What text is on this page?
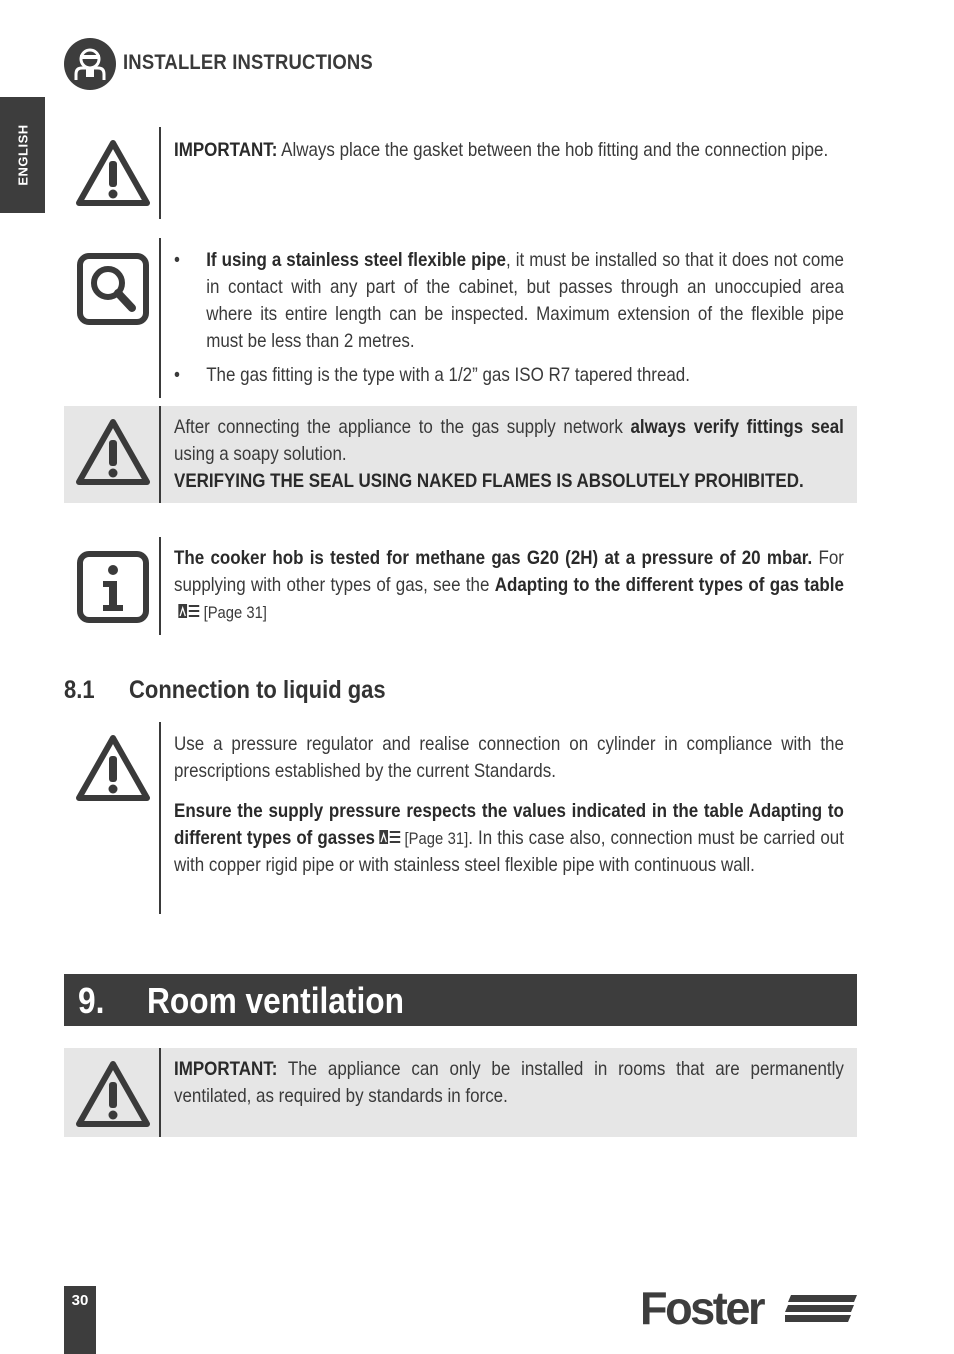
INSTALLER INSTRUCTIONS
ENGLISH	IMPORTANT: Always place the gasket between the hob fitting and the connection pipe.
• If using a stainless steel flexible pipe, it must be installed so that it does not come in contact with any part of the cabinet, but passes through an unoccupied area where its entire length can be inspected. Maximum extension of the flexible pipe must be less than 2 metres.
• The gas fitting is the type with a 1/2” gas ISO R7 tapered thread.
After connecting the appliance to the gas supply network always verify fittings seal using a soapy solution.
VERIFYING THE SEAL USING NAKED FLAMES IS ABSOLUTELY PROHIBITED.
The cooker hob is tested for methane gas G20 (2H) at a pressure of 20 mbar. For supplying with other types of gas, see the Adapting to the different types of gas table[Page 31]
8.1 Connection to liquid gas
Use a pressure regulator and realise connection on cylinder in compliance with the prescriptions established by the current Standards.
Ensure the supply pressure respects the values indicated in the table Adapting to different types of gasses [Page 31]. In this case also, connection must be carried out with copper rigid pipe or with stainless steel flexible pipe with continuous wall.
9. Room ventilation
IMPORTANT: The appliance can only be installed in rooms that are permanently ventilated, as required by standards in force.
30	Foster
